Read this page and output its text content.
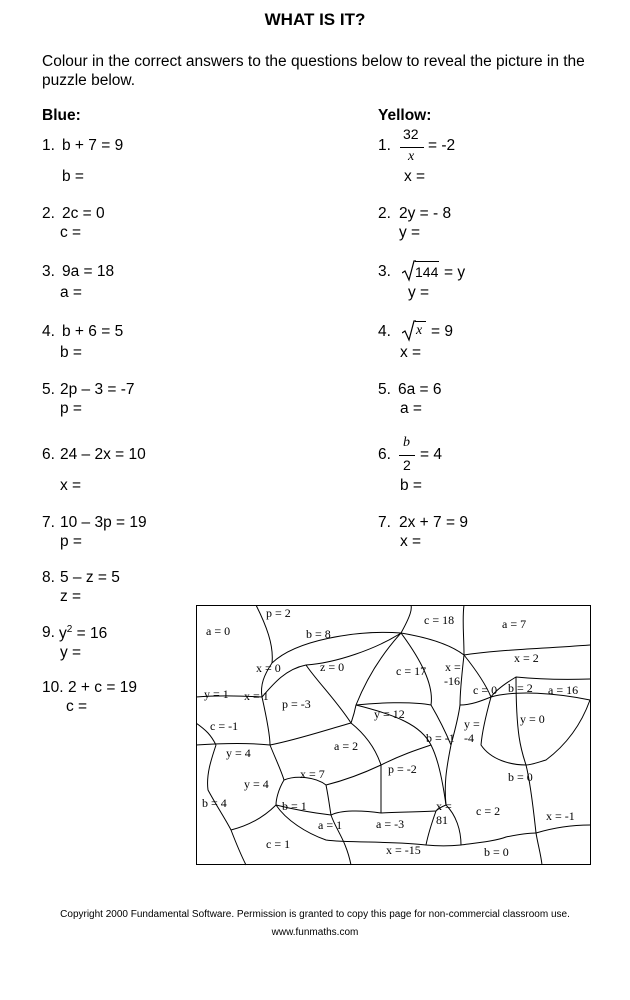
WHAT IS IT?
Colour in the correct answers to the questions below to reveal the picture in the puzzle below.
Blue:
1. b + 7 = 9
b =
2. 2c = 0
c =
3. 9a = 18
a =
4. b + 6 = 5
b =
5. 2p – 3 = -7
p =
6. 24 – 2x = 10
x =
7. 10 – 3p = 19
p =
8. 5 – z = 5
z =
9. $y^2 = 16$
y =
10. 2 + c = 19
c =
Yellow:
1.
32
x
= -2
x =
2. 2y = - 8
y =
3. 144 = y
y =
4. x = 9
x =
5. 6a = 6
a =
6.
b
2
= 4
b =
7. 2x + 7 = 9
x =
p = 2
a = 0	b = 8
c = 18	a = 7
x = 0	z = 0	c = 17 x =
-16
x = 2
y = 1 x = 1
p = -3
c = 0 b = 2 a = 16
y = 12
c = -1	y =
-4
y = 0
a = 2
b = -1
y = 4
x = 7	p = -2
y = 4	b = 0
b = 4	b = 1	x =
81
c = 2
a = 1	a = -3
x = -1
c = 1	x = -15	b = 0
Copyright 2000 Fundamental Software. Permission is granted to copy this page for non-commercial classroom use.
www.funmaths.com
